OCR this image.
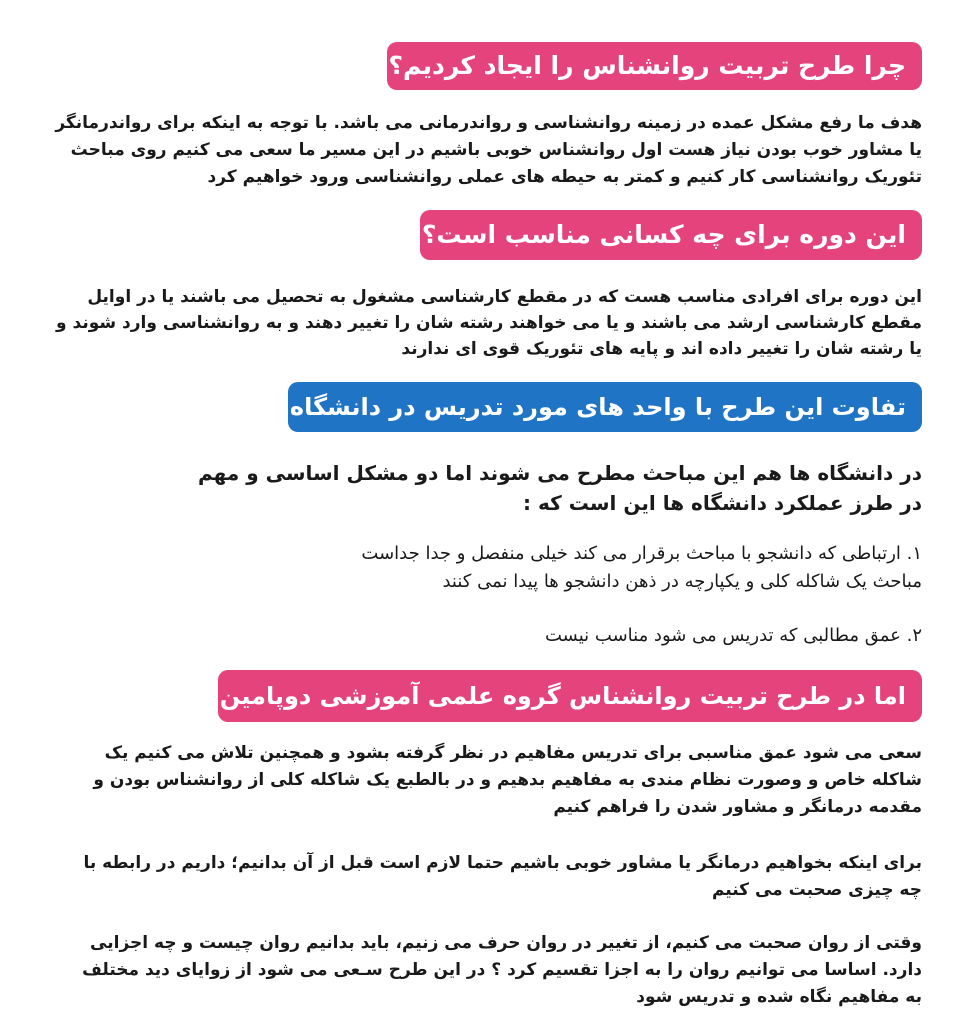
چرا طرح تربیت روانشناس را ایجاد کردیم؟

هدف ما رفع مشکل عمده در زمینه روانشناسی و رواندرمانی می باشد. با توجه به اینکه برای رواندرمانگر
یا مشاور خوب بودن نیاز هست اول روانشناس خوبی باشیم در این مسیر ما سعی می کنیم روی مباحث
تئوریک روانشناسی کار کنیم و کمتر به حیطه های عملی روانشناسی ورود خواهیم کرد

این دوره برای چه کسانی مناسب است؟

این دوره برای افرادی مناسب هست که در مقطع کارشناسی مشغول به تحصیل می باشند یا در اوایل
مقطع کارشناسی ارشد می باشند و یا می خواهند رشته شان را تغییر دهند و به روانشناسی وارد شوند و
یا رشته شان را تغییر داده اند و پایه های تئوریک قوی ای ندارند

تفاوت این طرح با واحد های مورد تدریس در دانشگاه

در دانشگاه ها هم این مباحث مطرح می شوند اما دو مشکل اساسی و مهم
در طرز عملکرد دانشگاه ها این است که :

۱. ارتباطی که دانشجو با مباحث برقرار می کند خیلی منفصل و جدا جداست
مباحث یک شاکله کلی و یکپارچه در ذهن دانشجو ها پیدا نمی کنند

۲. عمق مطالبی که تدریس می شود مناسب نیست

اما در طرح تربیت روانشناس گروه علمی آموزشی دوپامین

سعی می شود عمق مناسبی برای تدریس مفاهیم در نظر گرفته بشود و همچنین تلاش می کنیم یک
شاکله خاص و وصورت نظام مندی به مفاهیم بدهیم و در بالطبع یک شاکله کلی از روانشناس بودن و
مقدمه درمانگر و مشاور شدن را فراهم کنیم

برای اینکه بخواهیم درمانگر یا مشاور خوبی باشیم حتما لازم است قبل از آن بدانیم؛ داریم در رابطه با
چه چیزی صحبت می کنیم

وقتی از روان صحبت می کنیم، از تغییر در روان حرف می زنیم، باید بدانیم روان چیست و چه اجزایی
دارد. اساسا می توانیم روان را به اجزا تقسیم کرد ؟ در این طرح سـعی می شود از زوایای دید مختلف
به مفاهیم نگاه شده و تدریس شود
